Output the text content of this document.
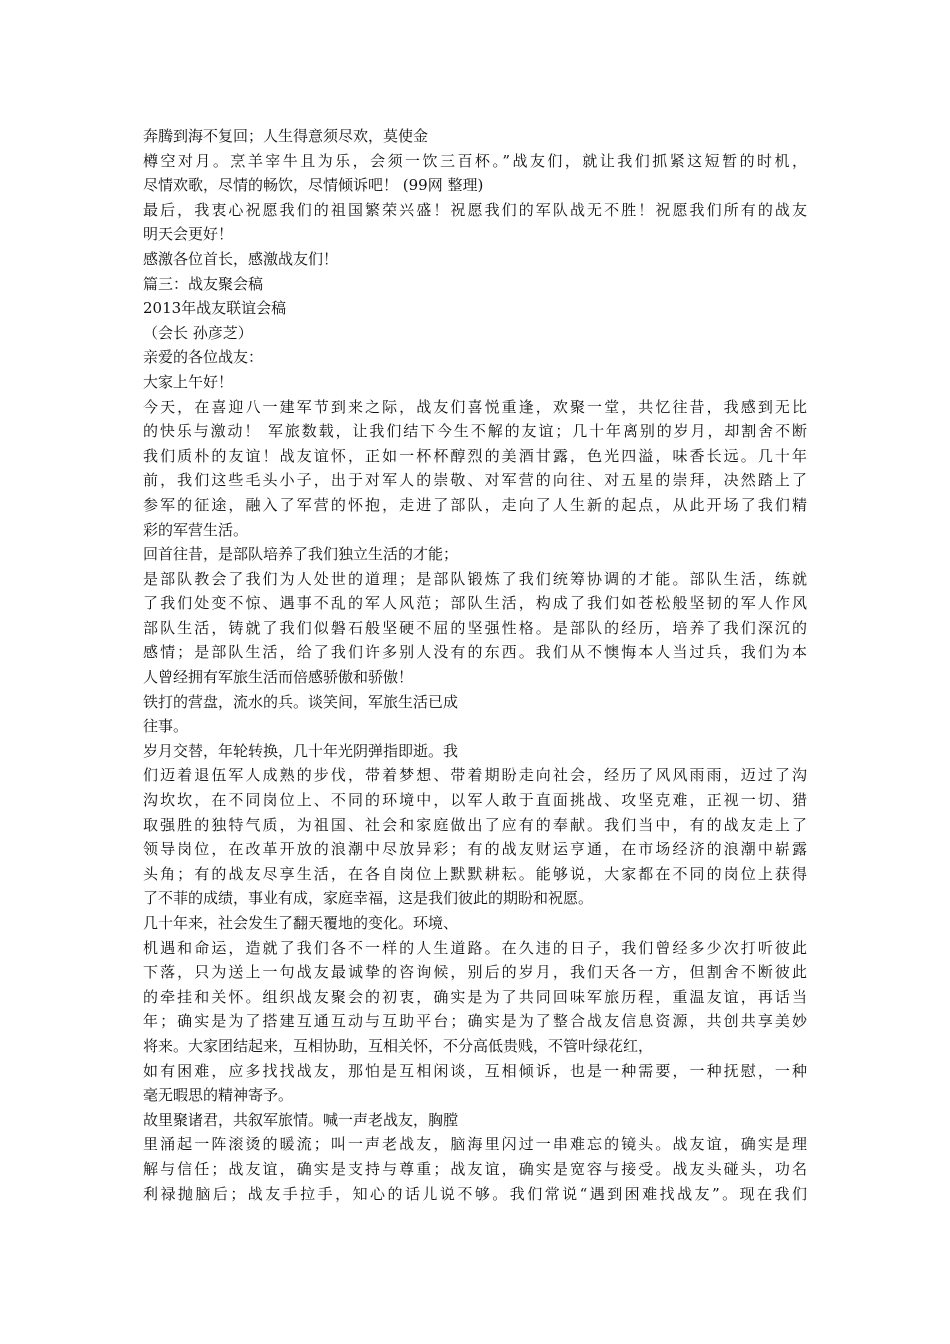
奔腾到海不复回；人生得意须尽欢，莫使金
樽空对月。烹羊宰牛且为乐，会须一饮三百杯。”战友们，就让我们抓紧这短暂的时机，
尽情欢歌，尽情的畅饮，尽情倾诉吧！ (99网 整理)
最后，我衷心祝愿我们的祖国繁荣兴盛！祝愿我们的军队战无不胜！祝愿我们所有的战友
明天会更好！
感激各位首长，感激战友们！
篇三：战友聚会稿
2013年战友联谊会稿
（会长 孙彦芝）
亲爱的各位战友：
大家上午好！
今天，在喜迎八一建军节到来之际，战友们喜悦重逢，欢聚一堂，共忆往昔，我感到无比
的快乐与激动！ 军旅数载，让我们结下今生不解的友谊；几十年离别的岁月，却割舍不断
我们质朴的友谊！战友谊怀，正如一杯杯醇烈的美酒甘露，色光四溢，味香长远。几十年
前，我们这些毛头小子，出于对军人的崇敬、对军营的向往、对五星的崇拜，决然踏上了
参军的征途，融入了军营的怀抱，走进了部队，走向了人生新的起点，从此开场了我们精
彩的军营生活。
回首往昔，是部队培养了我们独立生活的才能；
是部队教会了我们为人处世的道理；是部队锻炼了我们统筹协调的才能。部队生活，练就
了我们处变不惊、遇事不乱的军人风范；部队生活，构成了我们如苍松般坚韧的军人作风
部队生活，铸就了我们似磐石般坚硬不屈的坚强性格。是部队的经历，培养了我们深沉的
感情；是部队生活，给了我们许多别人没有的东西。我们从不懊悔本人当过兵，我们为本
人曾经拥有军旅生活而倍感骄傲和骄傲！
铁打的营盘，流水的兵。谈笑间，军旅生活已成
往事。
岁月交替，年轮转换，几十年光阴弹指即逝。我
们迈着退伍军人成熟的步伐，带着梦想、带着期盼走向社会，经历了风风雨雨，迈过了沟
沟坎坎，在不同岗位上、不同的环境中，以军人敢于直面挑战、攻坚克难，正视一切、猎
取强胜的独特气质，为祖国、社会和家庭做出了应有的奉献。我们当中，有的战友走上了
领导岗位，在改革开放的浪潮中尽放异彩；有的战友财运亨通，在市场经济的浪潮中崭露
头角；有的战友尽享生活，在各自岗位上默默耕耘。能够说，大家都在不同的岗位上获得
了不菲的成绩，事业有成，家庭幸福，这是我们彼此的期盼和祝愿。
几十年来，社会发生了翻天覆地的变化。环境、
机遇和命运，造就了我们各不一样的人生道路。在久违的日子，我们曾经多少次打听彼此
下落，只为送上一句战友最诚挚的咨询候，别后的岁月，我们天各一方，但割舍不断彼此
的牵挂和关怀。组织战友聚会的初衷，确实是为了共同回味军旅历程，重温友谊，再话当
年；确实是为了搭建互通互动与互助平台；确实是为了整合战友信息资源，共创共享美妙
将来。大家团结起来，互相协助，互相关怀，不分高低贵贱，不管叶绿花红，
如有困难，应多找找战友，那怕是互相闲谈，互相倾诉，也是一种需要，一种抚慰，一种
毫无暇思的精神寄予。
故里聚诸君，共叙军旅情。喊一声老战友，胸膛
里涌起一阵滚烫的暖流；叫一声老战友，脑海里闪过一串难忘的镜头。战友谊，确实是理
解与信任；战友谊，确实是支持与尊重；战友谊，确实是宽容与接受。战友头碰头，功名
利禄抛脑后；战友手拉手，知心的话儿说不够。我们常说“遇到困难找战友”。现在我们
